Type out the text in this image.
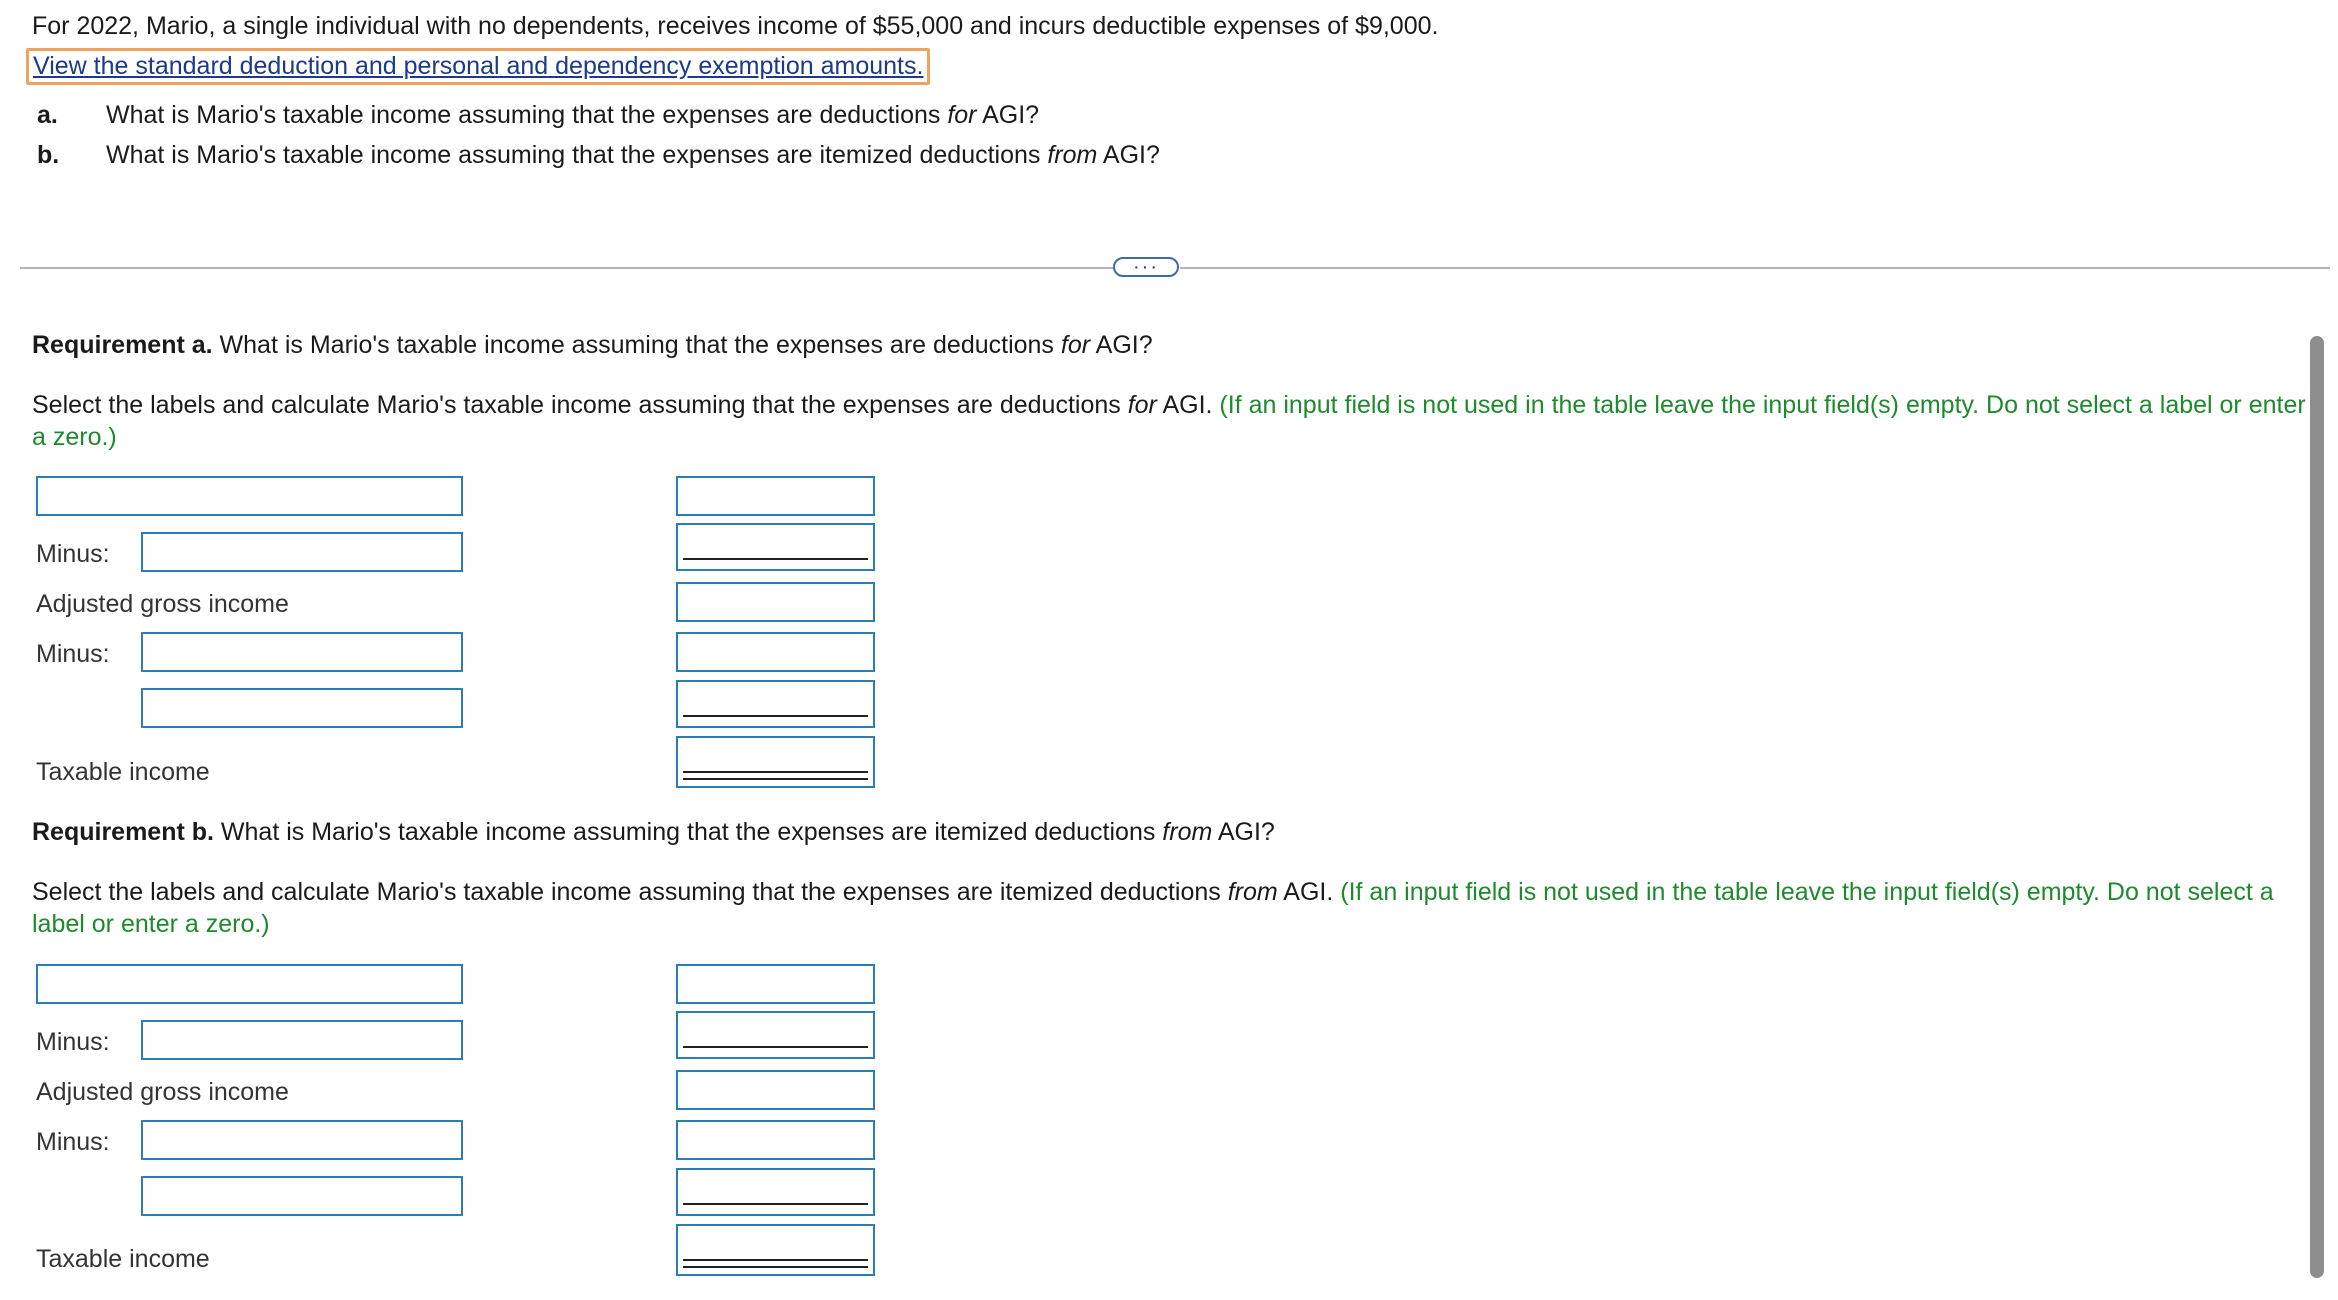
For 2022, Mario, a single individual with no dependents, receives income of $55,000 and incurs deductible expenses of $9,000.
View the standard deduction and personal and dependency exemption amounts.
a. What is Mario's taxable income assuming that the expenses are deductions for AGI?
b. What is Mario's taxable income assuming that the expenses are itemized deductions from AGI?
···
Requirement a. What is Mario's taxable income assuming that the expenses are deductions for AGI?
Select the labels and calculate Mario's taxable income assuming that the expenses are deductions for AGI. (If an input field is not used in the table leave the input field(s) empty. Do not select a label or enter a zero.)
Minus:
Adjusted gross income
Minus:
Taxable income
Requirement b. What is Mario's taxable income assuming that the expenses are itemized deductions from AGI?
Select the labels and calculate Mario's taxable income assuming that the expenses are itemized deductions from AGI. (If an input field is not used in the table leave the input field(s) empty. Do not select a label or enter a zero.)
Minus:
Adjusted gross income
Minus:
Taxable income
